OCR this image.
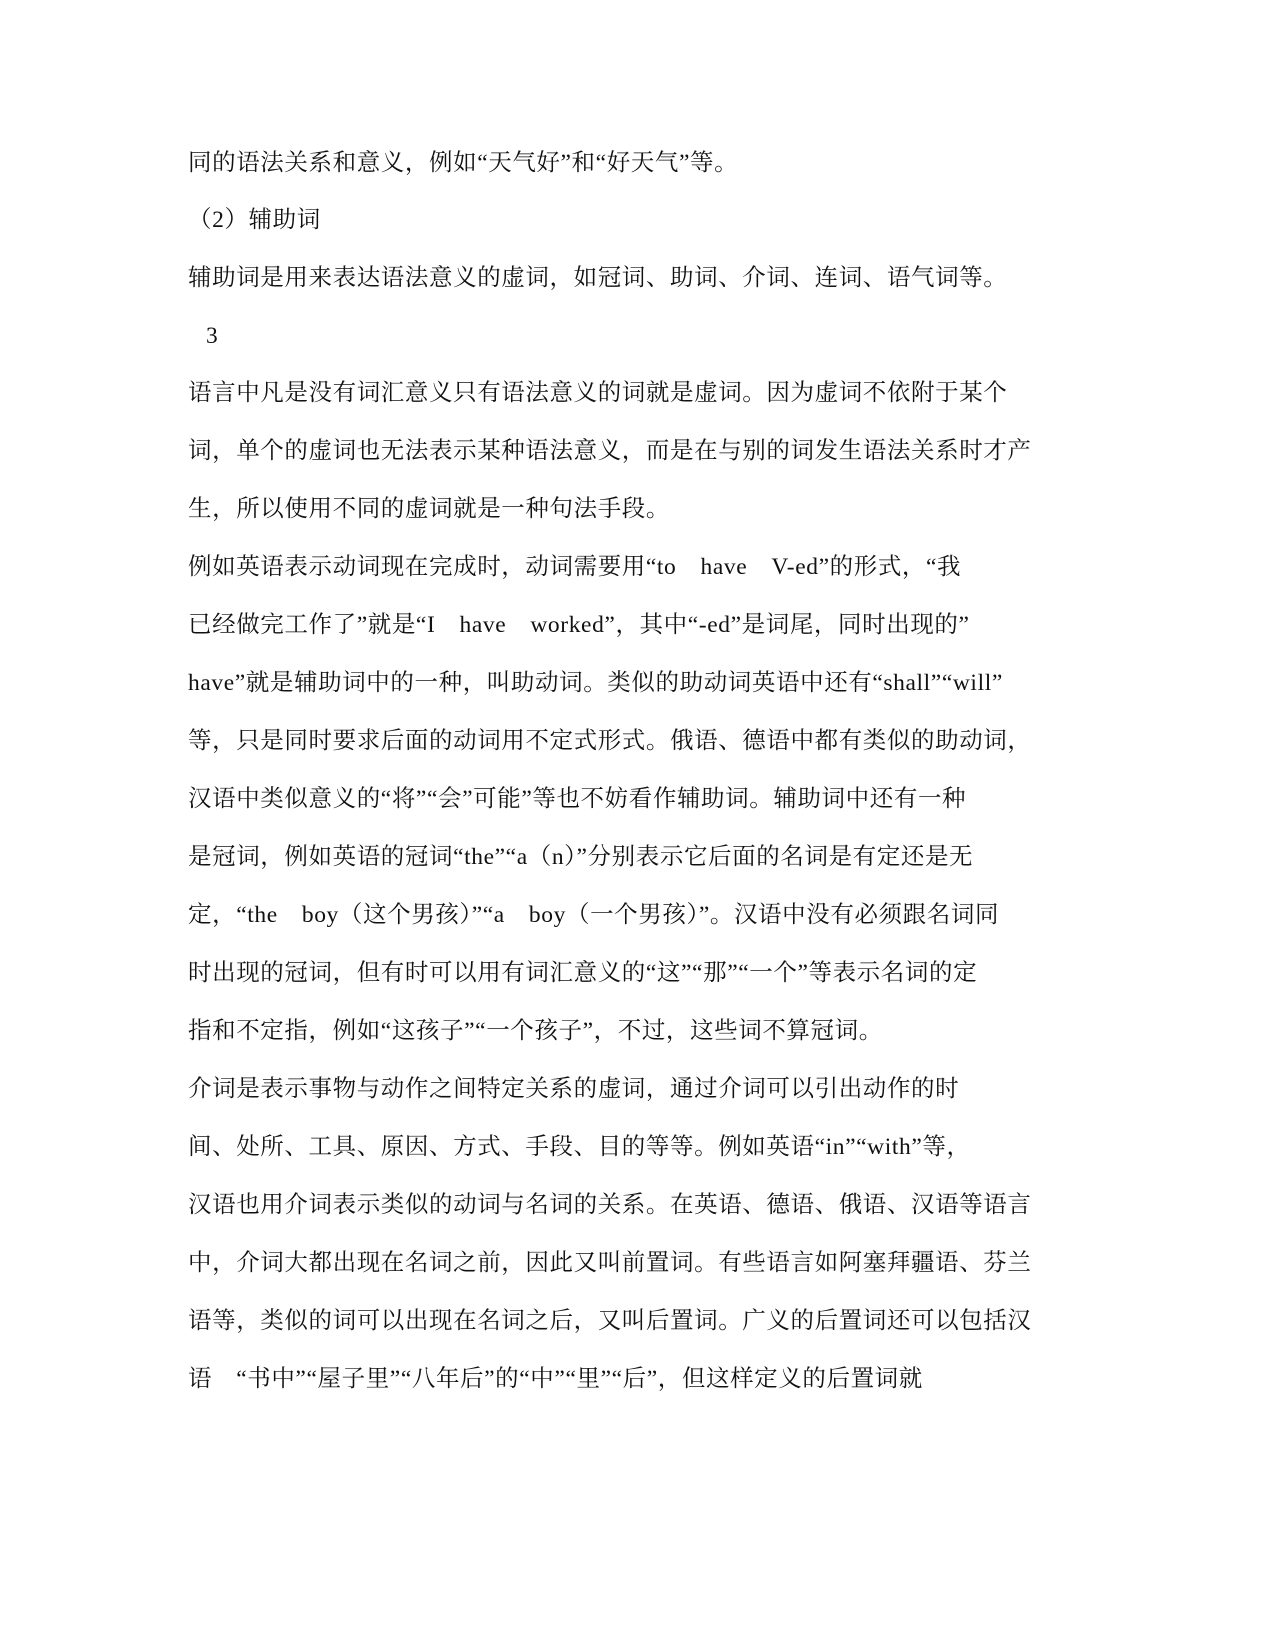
同的语法关系和意义，例如“天气好”和“好天气”等。
（2）辅助词
辅助词是用来表达语法意义的虚词，如冠词、助词、介词、连词、语气词等。
3
语言中凡是没有词汇意义只有语法意义的词就是虚词。因为虚词不依附于某个
词，单个的虚词也无法表示某种语法意义，而是在与别的词发生语法关系时才产
生，所以使用不同的虚词就是一种句法手段。
例如英语表示动词现在完成时，动词需要用“to　have　V-ed”的形式，“我
已经做完工作了”就是“I　have　worked”，其中“-ed”是词尾，同时出现的”
have”就是辅助词中的一种，叫助动词。类似的助动词英语中还有“shall”“will”
等，只是同时要求后面的动词用不定式形式。俄语、德语中都有类似的助动词，
汉语中类似意义的“将”“会”可能”等也不妨看作辅助词。辅助词中还有一种
是冠词，例如英语的冠词“the”“a（n）”分别表示它后面的名词是有定还是无
定，“the　boy（这个男孩）”“a　boy（一个男孩）”。汉语中没有必须跟名词同
时出现的冠词，但有时可以用有词汇意义的“这”“那”“一个”等表示名词的定
指和不定指，例如“这孩子”“一个孩子”，不过，这些词不算冠词。
介词是表示事物与动作之间特定关系的虚词，通过介词可以引出动作的时
间、处所、工具、原因、方式、手段、目的等等。例如英语“in”“with”等，
汉语也用介词表示类似的动词与名词的关系。在英语、德语、俄语、汉语等语言
中，介词大都出现在名词之前，因此又叫前置词。有些语言如阿塞拜疆语、芬兰
语等，类似的词可以出现在名词之后，又叫后置词。广义的后置词还可以包括汉
语　“书中”“屋子里”“八年后”的“中”“里”“后”，但这样定义的后置词就
